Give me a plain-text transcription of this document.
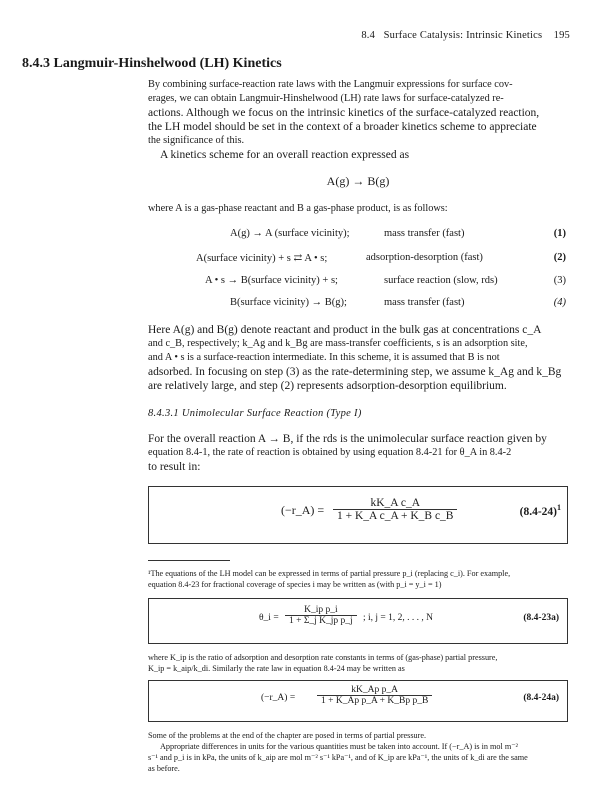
8.4 Surface Catalysis: Intrinsic Kinetics 195
8.4.3 Langmuir-Hinshelwood (LH) Kinetics

By combining surface-reaction rate laws with the Langmuir expressions for surface cov-

erages, we can obtain Langmuir-Hinshelwood (LH) rate laws for surface-catalyzed re-

actions. Although we focus on the intrinsic kinetics of the surface-catalyzed reaction,

the LH model should be set in the context of a broader kinetics scheme to appreciate

the significance of this.

A kinetics scheme for an overall reaction expressed as

A(g) → B(g)
where A is a gas-phase reactant and B a gas-phase product, is as follows:
A(g) → A (surface vicinity);	mass transfer (fast)	(1)
A(surface vicinity) + s ⇄ A • s;	adsorption-desorption (fast)	(2)
A • s → B(surface vicinity) + s;	surface reaction (slow, rds)	(3)
B(surface vicinity) → B(g);	mass transfer (fast)	(4)

Here A(g) and B(g) denote reactant and product in the bulk gas at concentrations c_A

and c_B, respectively; k_Ag and k_Bg are mass-transfer coefficients, s is an adsorption site,

and A • s is a surface-reaction intermediate. In this scheme, it is assumed that B is not

adsorbed. In focusing on step (3) as the rate-determining step, we assume k_Ag and k_Bg

are relatively large, and step (2) represents adsorption-desorption equilibrium.

8.4.3.1 Unimolecular Surface Reaction (Type I)

For the overall reaction A → B, if the rds is the unimolecular surface reaction given by

equation 8.4-1, the rate of reaction is obtained by using equation 8.4-21 for θ_A in 8.4-2

to result in:

(−r_A) = $\frac{\text{kK\_A c\_A}}{\text{1 + K\_A c\_A + K\_B c\_B}}$	$(8.4-24)^1$

¹The equations of the LH model can be expressed in terms of partial pressure p_i (replacing c_i). For example,

equation 8.4-23 for fractional coverage of species i may be written as (with p_i = y_i = 1)

θ_i = $\frac{\text{K\_ip p\_i}}{\text{1 + Σ\_j K\_jp p\_j}}$ ; i, j = 1, 2, . . . , N	(8.4-23a)

where K_ip is the ratio of adsorption and desorption rate constants in terms of (gas-phase) partial pressure,

K_ip = k_aip/k_di. Similarly the rate law in equation 8.4-24 may be written as

(−r_A) = $\frac{\text{kK\_Ap p\_A}}{\text{1 + K\_Ap p\_A + K\_Bp p\_B}}$	(8.4-24a)

Some of the problems at the end of the chapter are posed in terms of partial pressure.

Appropriate differences in units for the various quantities must be taken into account. If (−r_A) is in mol m⁻²

s⁻¹ and p_i is in kPa, the units of k_aip are mol m⁻² s⁻¹ kPa⁻¹, and of K_ip are kPa⁻¹, the units of k_di are the same

as before.
